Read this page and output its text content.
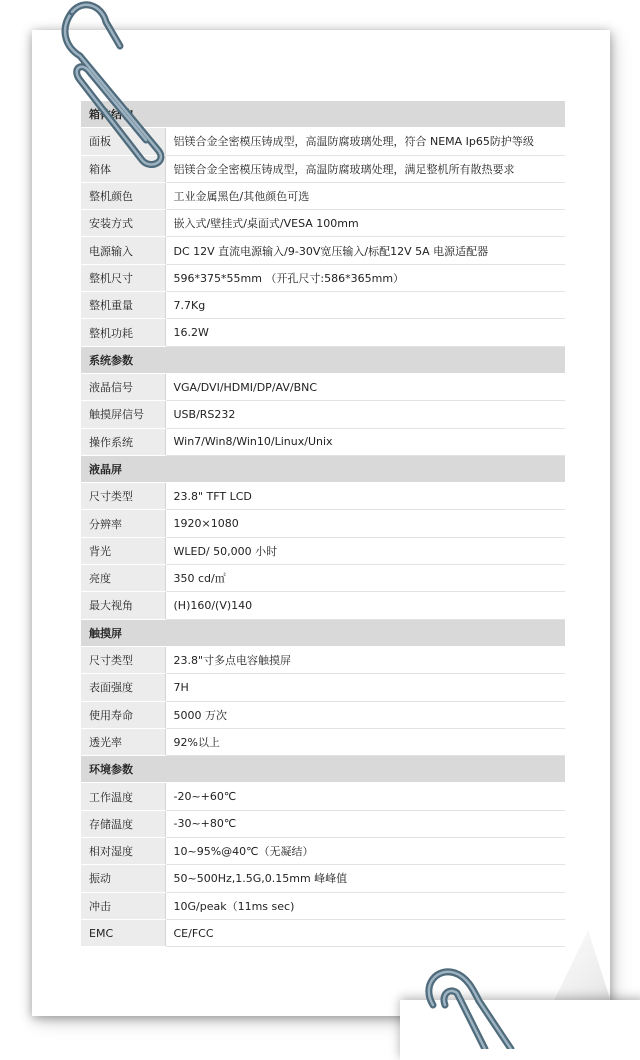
箱体结构	
面板	铝镁合金全密模压铸成型，高温防腐玻璃处理，符合 NEMA Ip65防护等级
箱体	铝镁合金全密模压铸成型，高温防腐玻璃处理，满足整机所有散热要求
整机颜色	工业金属黑色/其他颜色可选
安装方式	嵌入式/壁挂式/桌面式/VESA 100mm
电源输入	DC 12V 直流电源输入/9-30V宽压输入/标配12V 5A 电源适配器
整机尺寸	596*375*55mm （开孔尺寸:586*365mm）
整机重量	7.7Kg
整机功耗	16.2W
系统参数	
液晶信号	VGA/DVI/HDMI/DP/AV/BNC
触摸屏信号	USB/RS232
操作系统	Win7/Win8/Win10/Linux/Unix
液晶屏	
尺寸类型	23.8" TFT LCD
分辨率	1920×1080
背光	WLED/ 50,000 小时
亮度	350 cd/㎡
最大视角	(H)160/(V)140
触摸屏	
尺寸类型	23.8"寸多点电容触摸屏
表面强度	7H
使用寿命	5000 万次
透光率	92%以上
环境参数	
工作温度	-20~+60℃
存储温度	-30~+80℃
相对湿度	10~95%@40℃（无凝结）
振动	50~500Hz,1.5G,0.15mm 峰峰值
冲击	10G/peak（11ms sec)
EMC	CE/FCC
